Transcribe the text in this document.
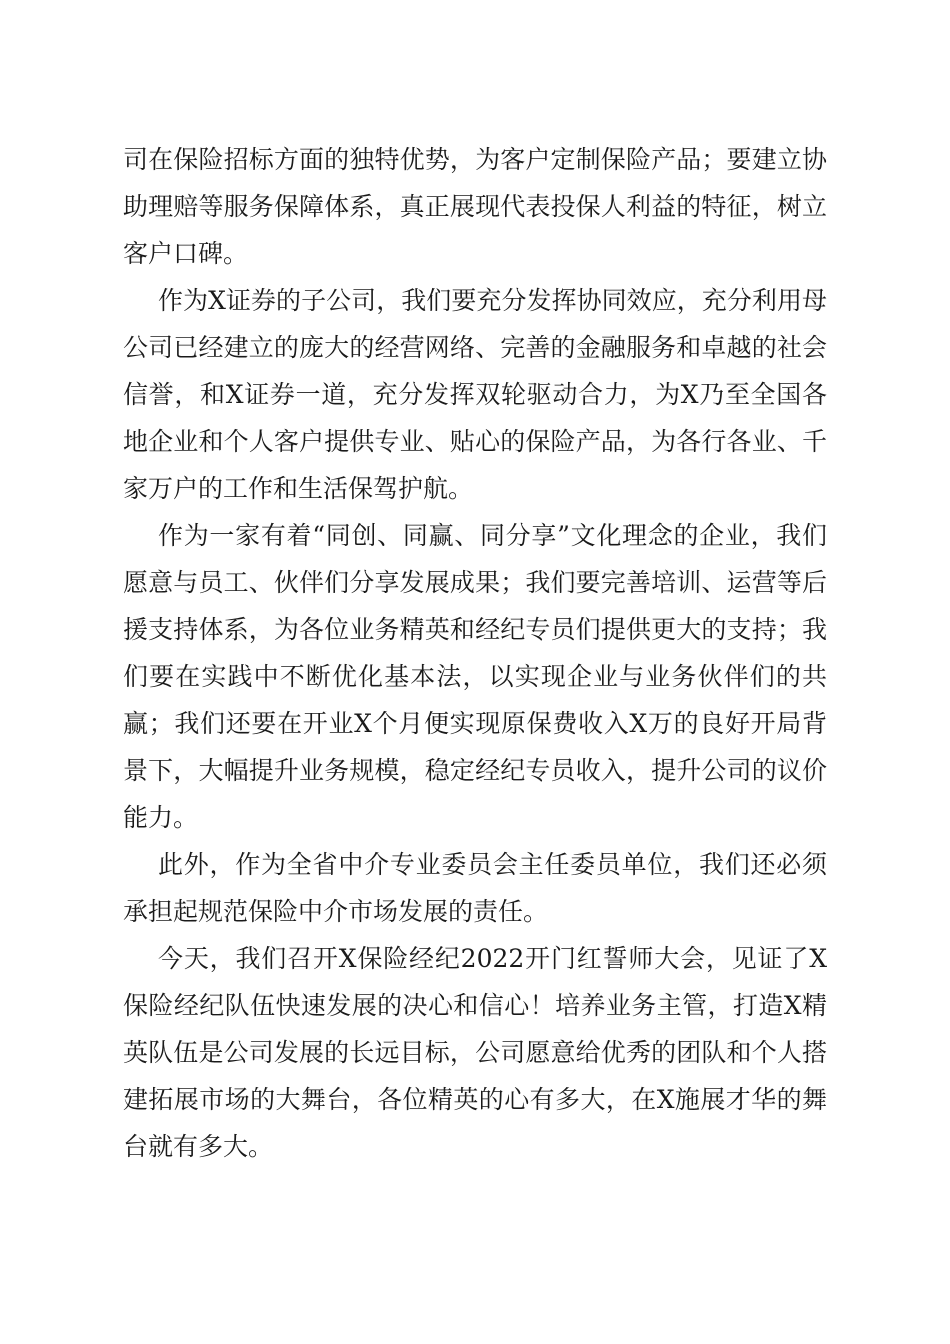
司在保险招标方面的独特优势，为客户定制保险产品；要建立协助理赔等服务保障体系，真正展现代表投保人利益的特征，树立客户口碑。

作为X证券的子公司，我们要充分发挥协同效应，充分利用母公司已经建立的庞大的经营网络、完善的金融服务和卓越的社会信誉，和X证券一道，充分发挥双轮驱动合力，为X乃至全国各地企业和个人客户提供专业、贴心的保险产品，为各行各业、千家万户的工作和生活保驾护航。

作为一家有着“同创、同赢、同分享”文化理念的企业，我们愿意与员工、伙伴们分享发展成果；我们要完善培训、运营等后援支持体系，为各位业务精英和经纪专员们提供更大的支持；我们要在实践中不断优化基本法，以实现企业与业务伙伴们的共赢；我们还要在开业X个月便实现原保费收入X万的良好开局背景下，大幅提升业务规模，稳定经纪专员收入，提升公司的议价能力。

此外，作为全省中介专业委员会主任委员单位，我们还必须承担起规范保险中介市场发展的责任。

今天，我们召开X保险经纪2022开门红誓师大会，见证了X保险经纪队伍快速发展的决心和信心！培养业务主管，打造X精英队伍是公司发展的长远目标，公司愿意给优秀的团队和个人搭建拓展市场的大舞台，各位精英的心有多大，在X施展才华的舞台就有多大。
